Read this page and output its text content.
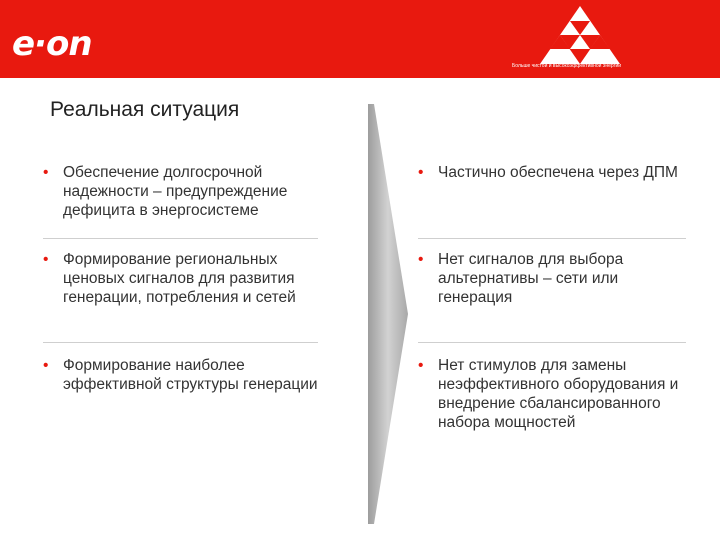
e·on
Больше чистой и высокоэффективной энергии
Реальная ситуация
• Обеспечение долгосрочной надежности – предупреждение дефицита в энергосистеме
• Формирование региональных ценовых сигналов для развития генерации, потребления и сетей
• Формирование наиболее эффективной структуры генерации
• Частично обеспечена через ДПМ
• Нет сигналов для выбора альтернативы – сети или генерация
• Нет стимулов для замены неэффективного оборудования и внедрение сбалансированного набора мощностей
